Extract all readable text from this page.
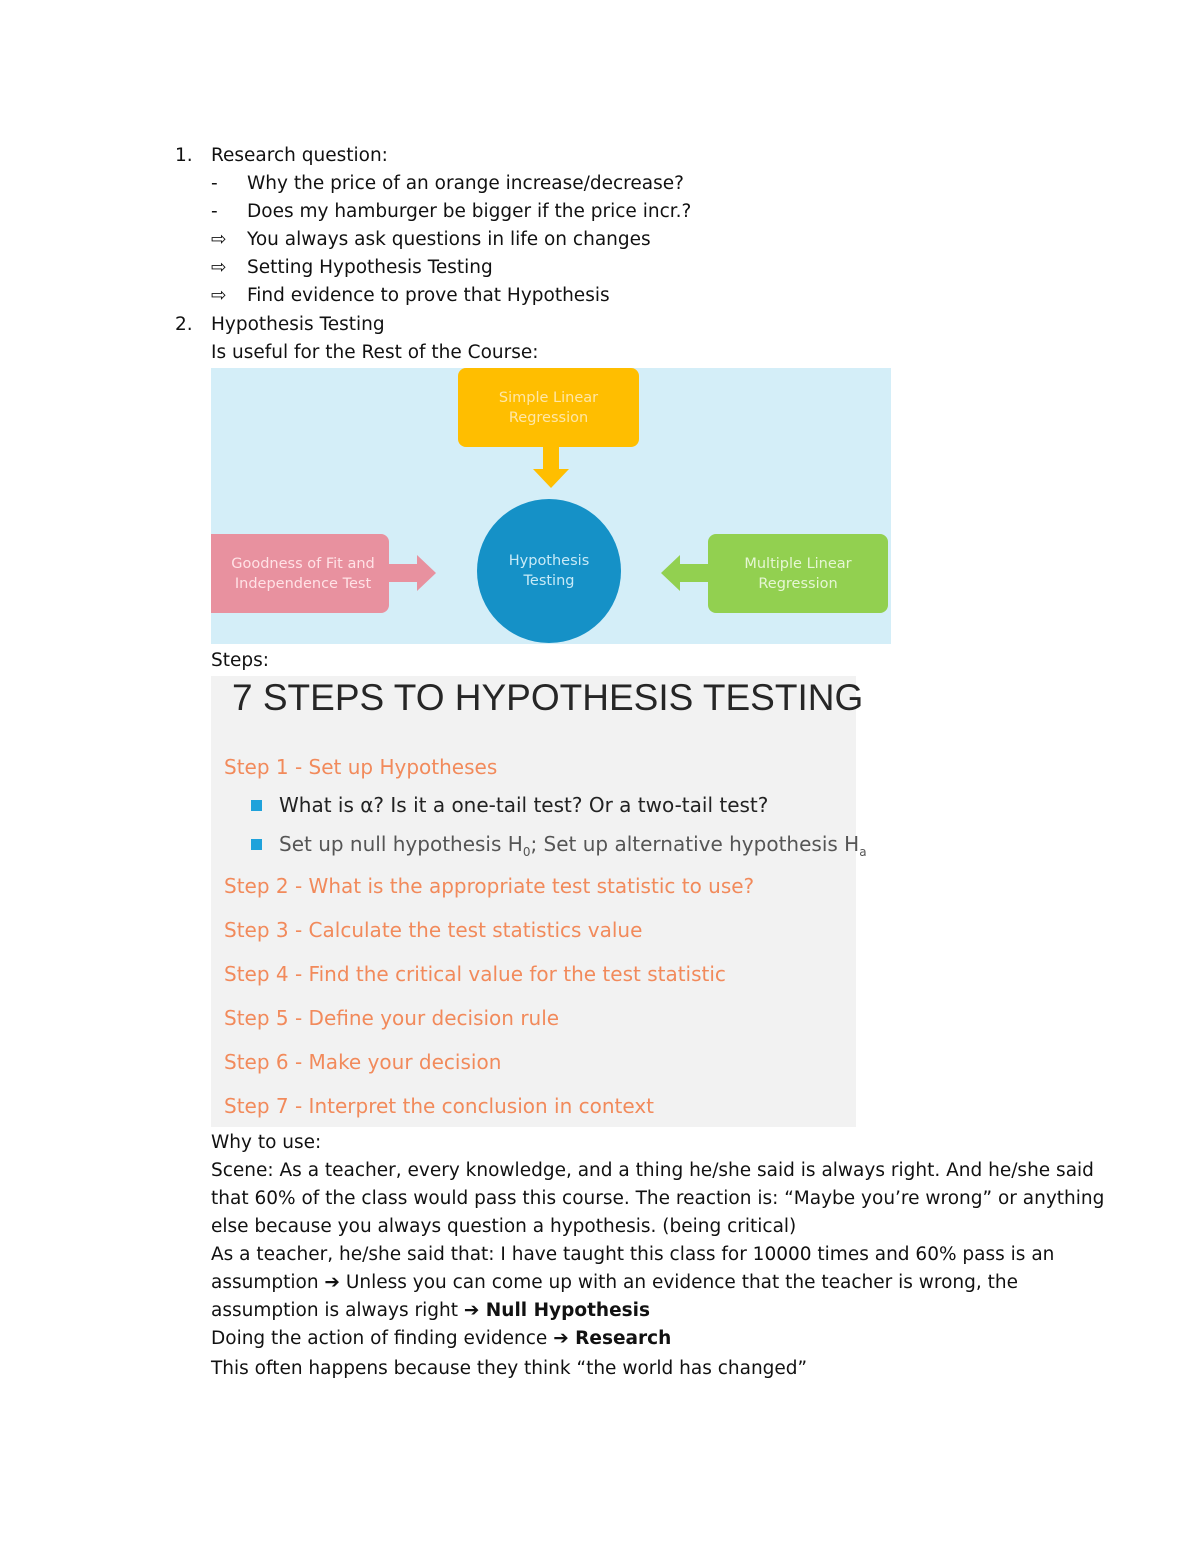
1. Research question:
- Why the price of an orange increase/decrease?
- Does my hamburger be bigger if the price incr.?
⇨ You always ask questions in life on changes
⇨ Setting Hypothesis Testing
⇨ Find evidence to prove that Hypothesis
2. Hypothesis Testing
Is useful for the Rest of the Course:
Simple Linear
Regression
Goodness of Fit and
Independence Test
Multiple Linear
Regression
Hypothesis
Testing
Steps:
7 STEPS TO HYPOTHESIS TESTING
Step 1 - Set up Hypotheses
What is α? Is it a one-tail test? Or a two-tail test?
Set up null hypothesis $H_0$; Set up alternative hypothesis $H_a$
Step 2 - What is the appropriate test statistic to use?
Step 3 - Calculate the test statistics value
Step 4 - Find the critical value for the test statistic
Step 5 - Define your decision rule
Step 6 - Make your decision
Step 7 - Interpret the conclusion in context
Why to use:
Scene: As a teacher, every knowledge, and a thing he/she said is always right. And he/she said
that 60% of the class would pass this course. The reaction is: “Maybe you’re wrong” or anything
else because you always question a hypothesis. (being critical)
As a teacher, he/she said that: I have taught this class for 10000 times and 60% pass is an
assumption ➔ Unless you can come up with an evidence that the teacher is wrong, the
assumption is always right ➔ Null Hypothesis
Doing the action of finding evidence ➔ Research
This often happens because they think “the world has changed”
